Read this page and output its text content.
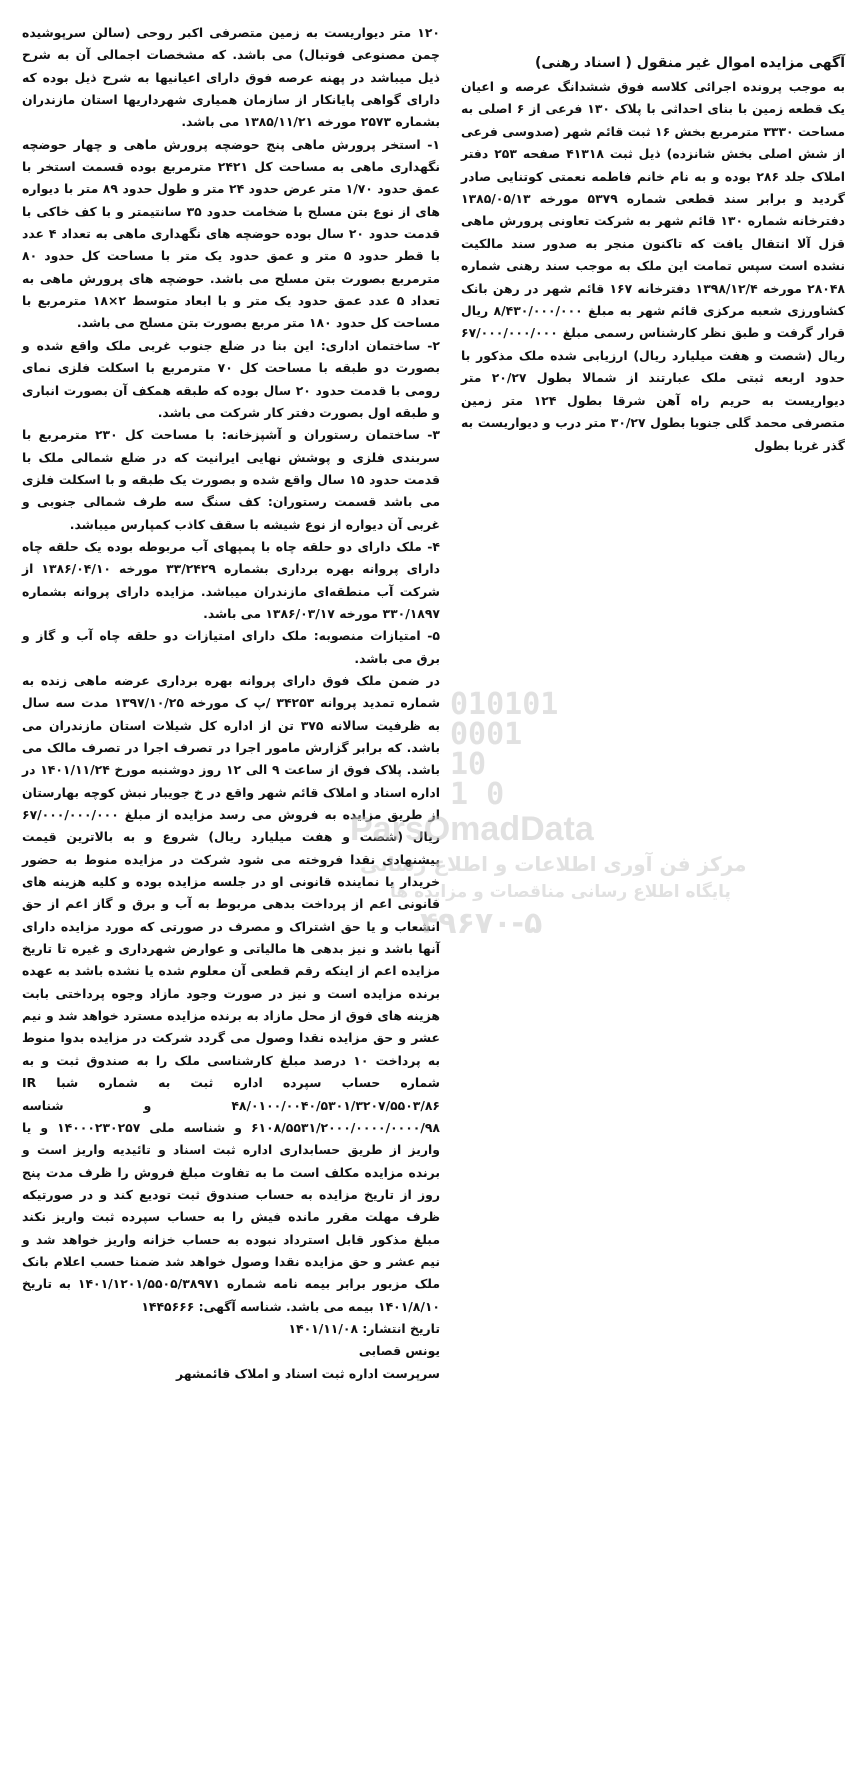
آگهی مزایده اموال غیر منقول ( اسناد رهنی)

به موجب پرونده اجرائی کلاسه فوق ششدانگ عرصه و اعیان یک قطعه زمین با بنای احداثی با پلاک ۱۳۰ فرعی از ۶ اصلی به مساحت ۳۳۳۰ مترمربع بخش ۱۶ ثبت قائم شهر (صدوسی فرعی از شش اصلی بخش شانزده) ذیل ثبت ۴۱۳۱۸ صفحه ۲۵۳ دفتر املاک جلد ۲۸۶ بوده و به نام خانم فاطمه نعمتی کوتنایی صادر گردید و برابر سند قطعی شماره ۵۳۷۹ مورخه ۱۳۸۵/۰۵/۱۳ دفترخانه شماره ۱۳۰ قائم شهر به شرکت تعاونی پرورش ماهی قزل آلا انتقال یافت که تاکنون منجر به صدور سند مالکیت نشده است سپس تمامت این ملک به موجب سند رهنی شماره ۲۸۰۴۸ مورخه ۱۳۹۸/۱۲/۴ دفترخانه ۱۶۷ قائم شهر در رهن بانک کشاورزی شعبه مرکزی قائم شهر به مبلغ ۸/۴۳۰/۰۰۰/۰۰۰ ریال قرار گرفت و طبق نظر کارشناس رسمی مبلغ ۶۷/۰۰۰/۰۰۰/۰۰۰ ریال (شصت و هفت میلیارد ریال) ارزیابی شده ملک مذکور با حدود اربعه ثبتی ملک عبارتند از شمالا بطول ۲۰/۲۷ متر دیواریست به حریم راه آهن شرقا بطول ۱۲۴ متر زمین متصرفی محمد گلی جنوبا بطول ۳۰/۲۷ متر درب و دیواریست به گذر غربا بطول

۱۲۰ متر دیواریست به زمین متصرفی اکبر روحی (سالن سرپوشیده چمن مصنوعی فوتبال) می باشد. که مشخصات اجمالی آن به شرح ذیل میباشد در پهنه عرصه فوق دارای اعیانیها به شرح ذیل بوده که دارای گواهی پایانکار از سازمان همیاری شهرداریها استان مازندران بشماره ۲۵۷۳ مورخه ۱۳۸۵/۱۱/۲۱ می باشد.

۱- استخر پرورش ماهی پنج حوضچه پرورش ماهی و چهار حوضچه نگهداری ماهی به مساحت کل ۲۴۲۱ مترمربع بوده قسمت استخر با عمق حدود ۱/۷۰ متر عرض حدود ۲۴ متر و طول حدود ۸۹ متر با دیواره های از نوع بتن مسلح با ضخامت حدود ۳۵ سانتیمتر و با کف خاکی با قدمت حدود ۲۰ سال بوده حوضچه های نگهداری ماهی به تعداد ۴ عدد با قطر حدود ۵ متر و عمق حدود یک متر با مساحت کل حدود ۸۰ مترمربع بصورت بتن مسلح می باشد. حوضچه های پرورش ماهی به تعداد ۵ عدد عمق حدود یک متر و با ابعاد متوسط ۲×۱۸ مترمربع با مساحت کل حدود ۱۸۰ متر مربع بصورت بتن مسلح می باشد.

۲- ساختمان اداری: این بنا در ضلع جنوب غربی ملک واقع شده و بصورت دو طبقه با مساحت کل ۷۰ مترمربع با اسکلت فلزی نمای رومی با قدمت حدود ۲۰ سال بوده که طبقه همکف آن بصورت انباری و طبقه اول بصورت دفتر کار شرکت می باشد.

۳- ساختمان رستوران و آشپزخانه: با مساحت کل ۲۳۰ مترمربع با سربندی فلزی و پوشش نهایی ایرانیت که در ضلع شمالی ملک با قدمت حدود ۱۵ سال واقع شده و بصورت یک طبقه و با اسکلت فلزی می باشد قسمت رستوران: کف سنگ سه طرف شمالی جنوبی و غربی آن دیواره از نوع شیشه با سقف کاذب کمپارس میباشد.

۴- ملک دارای دو حلقه چاه با پمپهای آب مربوطه بوده یک حلقه چاه دارای پروانه بهره برداری بشماره ۳۳/۲۴۲۹ مورخه ۱۳۸۶/۰۴/۱۰ از شرکت آب منطقه‌ای مازندران میباشد. مزایده دارای پروانه بشماره ۳۳۰/۱۸۹۷ مورخه ۱۳۸۶/۰۳/۱۷ می باشد.

۵- امتیازات منصوبه: ملک دارای امتیازات دو حلقه چاه آب و گاز و برق می باشد.

در ضمن ملک فوق دارای پروانه بهره برداری عرضه ماهی زنده به شماره تمدید پروانه ۳۴۲۵۳ /پ ک مورخه ۱۳۹۷/۱۰/۲۵ مدت سه سال به ظرفیت سالانه ۳۷۵ تن از اداره کل شیلات استان مازندران می باشد. که برابر گزارش مامور اجرا در تصرف اجرا در تصرف مالک می باشد. پلاک فوق از ساعت ۹ الی ۱۲ روز دوشنبه مورخ ۱۴۰۱/۱۱/۲۴ در اداره اسناد و املاک قائم شهر واقع در خ جویبار نبش کوچه بهارستان از طریق مزایده به فروش می رسد مزایده از مبلغ ۶۷/۰۰۰/۰۰۰/۰۰۰ ریال (شصت و هفت میلیارد ریال) شروع و به بالاترین قیمت پیشنهادی نقدا فروخته می شود شرکت در مزایده منوط به حضور خریدار یا نماینده قانونی او در جلسه مزایده بوده و کلیه هزینه های قانونی اعم از پرداخت بدهی مربوط به آب و برق و گاز اعم از حق انشعاب و یا حق اشتراک و مصرف در صورتی که مورد مزایده دارای آنها باشد و نیز بدهی ها مالیاتی و عوارض شهرداری و غیره تا تاریخ مزایده اعم از اینکه رقم قطعی آن معلوم شده یا نشده باشد به عهده برنده مزایده است و نیز در صورت وجود مازاد وجوه پرداختی بابت هزینه های فوق از محل مازاد به برنده مزایده مسترد خواهد شد و نیم عشر و حق مزایده نقدا وصول می گردد شرکت در مزایده بدوا منوط به پرداخت ۱۰ درصد مبلغ کارشناسی ملک را به صندوق ثبت و به شماره حساب سپرده اداره ثبت به شماره شبا IR ۴۸/۰۱۰۰/۰۰۴۰/۵۳۰۱/۳۲۰۷/۵۵۰۳/۸۶ و شناسه ۶۱۰۸/۵۵۳۱/۲۰۰۰/۰۰۰۰/۰۰۰۰/۹۸ و شناسه ملی ۱۴۰۰۰۲۳۰۲۵۷ و یا واریز از طریق حسابداری اداره ثبت اسناد و تائیدیه واریز است و برنده مزایده مکلف است ما به تفاوت مبلغ فروش را ظرف مدت پنج روز از تاریخ مزایده به حساب صندوق ثبت تودیع کند و در صورتیکه ظرف مهلت مقرر مانده فیش را به حساب سپرده ثبت واریز نکند مبلغ مذکور قابل استرداد نبوده به حساب خزانه واریز خواهد شد و نیم عشر و حق مزایده نقدا وصول خواهد شد ضمنا حسب اعلام بانک ملک مزبور برابر بیمه نامه شماره ۱۴۰۱/۱۲۰۱/۵۵۰۵/۳۸۹۷۱ به تاریخ ۱۴۰۱/۸/۱۰ بیمه می باشد. شناسه آگهی: ۱۴۴۵۶۶۶

تاریخ انتشار: ۱۴۰۱/۱۱/۰۸

یونس قصابی

سرپرست اداره ثبت اسناد و املاک قائمشهر

010101
0001
10
1 0
ParsOmadData
مرکز فن آوری اطلاعات و اطلاع رسانی
پایگاه اطلاع رسانی مناقصات و مزایده ها
۴۹۶۷۰-۵
